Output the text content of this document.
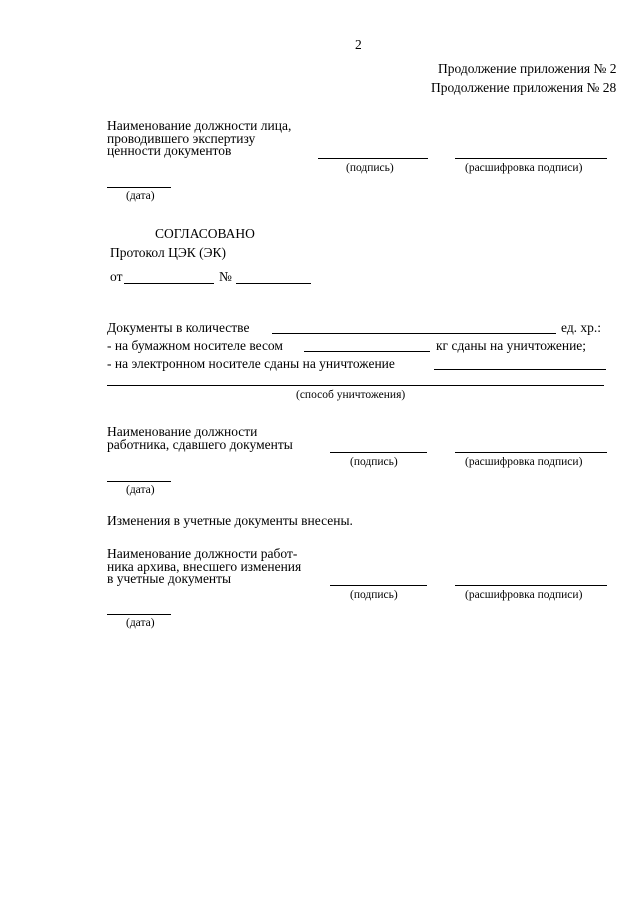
2
Продолжение приложения № 2
Продолжение приложения № 28
Наименование должности лица,
проводившего экспертизу
ценности документов
(подпись)	(расшифровка подписи)
(дата)
СОГЛАСОВАНО
Протокол ЦЭК (ЭК)
от	№
Документы в количестве	ед. хр.:
- на бумажном носителе весом	кг сданы на уничтожение;
- на электронном носителе сданы на уничтожение
(способ уничтожения)
Наименование должности
работника, сдавшего документы
(подпись)	(расшифровка подписи)
(дата)
Изменения в учетные документы внесены.
Наименование должности работ-
ника архива, внесшего изменения
в учетные документы
(подпись)	(расшифровка подписи)
(дата)
